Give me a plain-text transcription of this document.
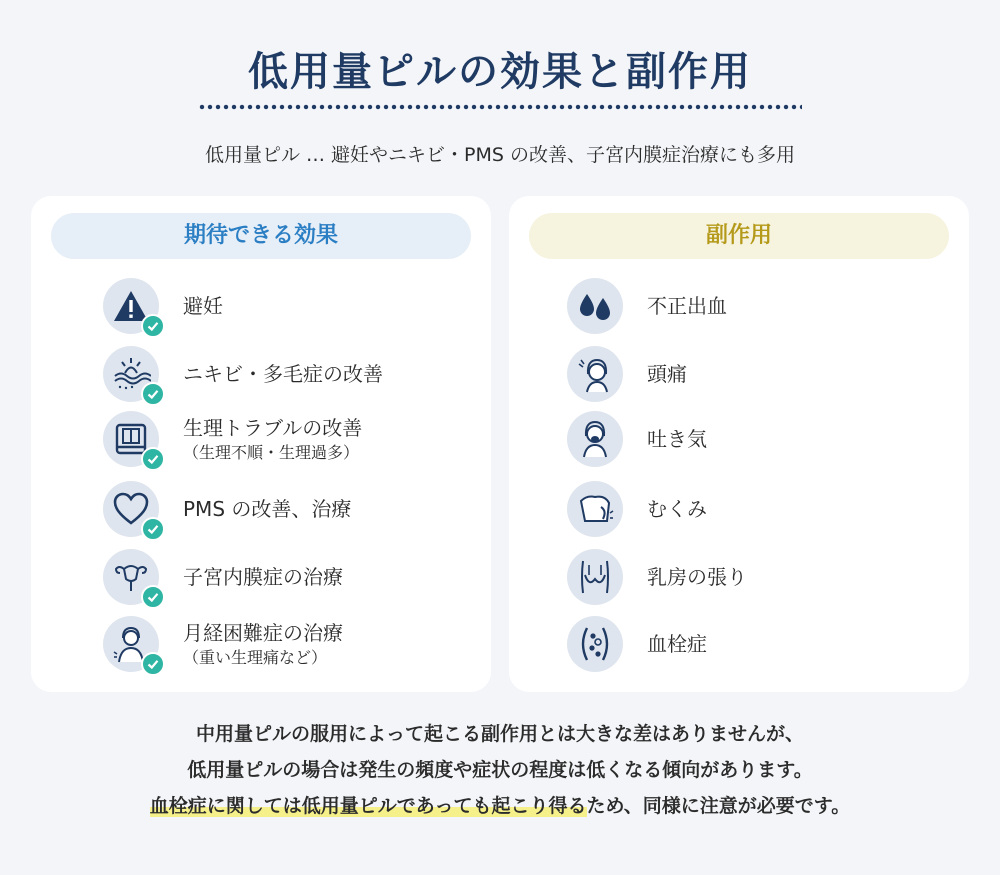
低用量ピルの効果と副作用
低用量ピル … 避妊やニキビ・PMS の改善、子宮内膜症治療にも多用
期待できる効果
避妊
ニキビ・多毛症の改善
生理トラブルの改善
（生理不順・生理過多）
PMS の改善、治療
子宮内膜症の治療
月経困難症の治療
（重い生理痛など）
副作用
不正出血
頭痛
吐き気
むくみ
乳房の張り
血栓症
中用量ピルの服用によって起こる副作用とは大きな差はありませんが、
低用量ピルの場合は発生の頻度や症状の程度は低くなる傾向があります。
血栓症に関しては低用量ピルであっても起こり得るため、同様に注意が必要です。
